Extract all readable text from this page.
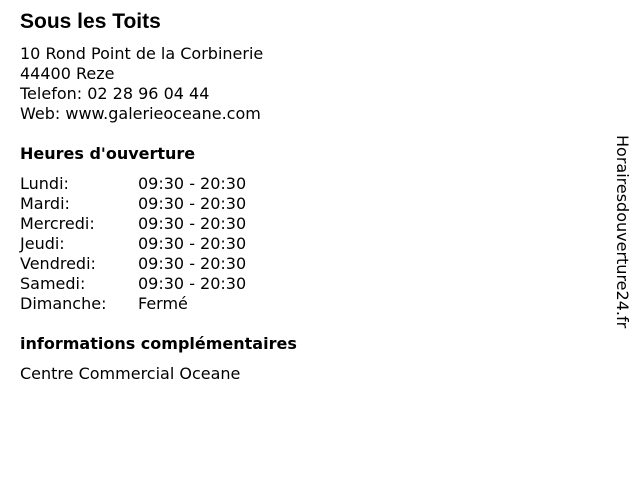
Sous les Toits
10 Rond Point de la Corbinerie
44400 Reze
Telefon: 02 28 96 04 44
Web: www.galerieoceane.com
Heures d'ouverture
Lundi:	09:30 - 20:30
Mardi:	09:30 - 20:30
Mercredi:	09:30 - 20:30
Jeudi:	09:30 - 20:30
Vendredi:	09:30 - 20:30
Samedi:	09:30 - 20:30
Dimanche:	Fermé
informations complémentaires
Centre Commercial Oceane
Horairesdouverture24.fr
